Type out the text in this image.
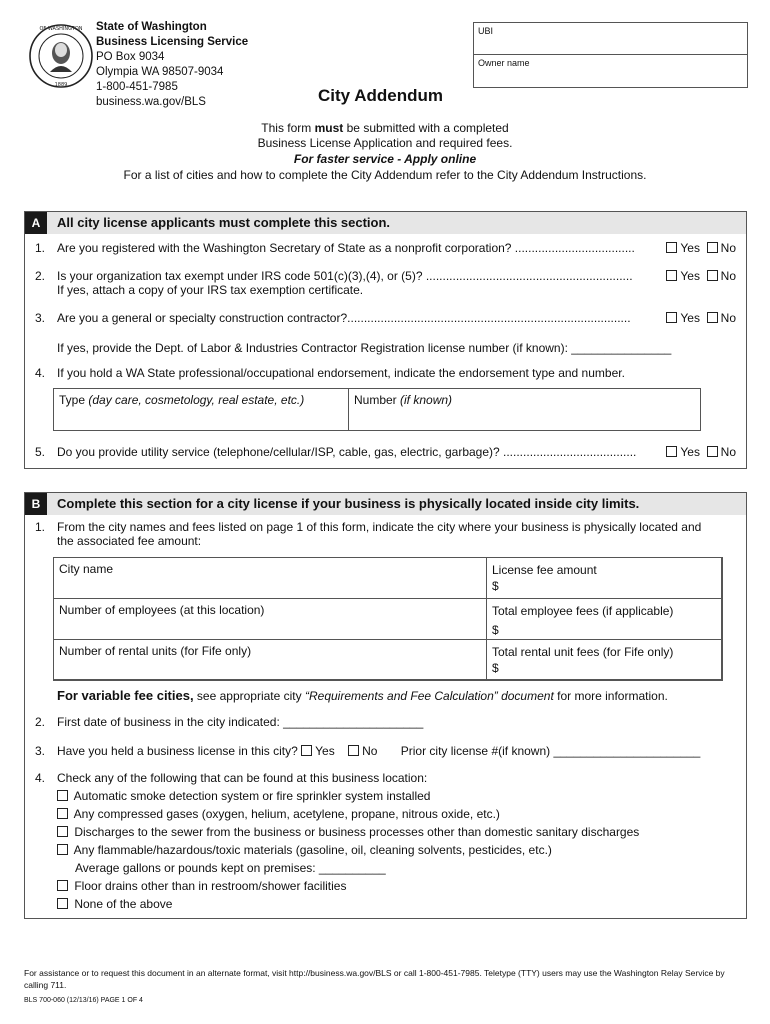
OF WASHINGTON
1889
State of Washington
Business Licensing Service
PO Box 9034
Olympia WA 98507-9034
1-800-451-7985
business.wa.gov/BLS
UBI
Owner name
City Addendum
This form must be submitted with a completed
Business License Application and required fees.
For faster service - Apply online
For a list of cities and how to complete the City Addendum refer to the City Addendum Instructions.
A	All city license applicants must complete this section.
1. Are you registered with the Washington Secretary of State as a nonprofit corporation? ....................................	Yes No
2. Is your organization tax exempt under IRS code 501(c)(3),(4), or (5)? ..............................................................	Yes No
If yes, attach a copy of your IRS tax exemption certificate.
3. Are you a general or specialty construction contractor?.....................................................................................	Yes No
If yes, provide the Dept. of Labor & Industries Contractor Registration license number (if known): _______________
4. If you hold a WA State professional/occupational endorsement, indicate the endorsement type and number.
Type (day care, cosmetology, real estate, etc.)	Number (if known)
5. Do you provide utility service (telephone/cellular/ISP, cable, gas, electric, garbage)? ........................................	Yes No
B	Complete this section for a city license if your business is physically located inside city limits.
1. From the city names and fees listed on page 1 of this form, indicate the city where your business is physically located and
the associated fee amount:
City name	License fee amount
$
Number of employees (at this location)	Total employee fees (if applicable)
$
Number of rental units (for Fife only)	Total rental unit fees (for Fife only)
$
For variable fee cities, see appropriate city “Requirements and Fee Calculation” document for more information.
2. First date of business in the city indicated: _____________________
3. Have you held a business license in this city? Yes No Prior city license #(if known) ______________________
4. Check any of the following that can be found at this business location:
Automatic smoke detection system or fire sprinkler system installed
Any compressed gases (oxygen, helium, acetylene, propane, nitrous oxide, etc.)
Discharges to the sewer from the business or business processes other than domestic sanitary discharges
Any flammable/hazardous/toxic materials (gasoline, oil, cleaning solvents, pesticides, etc.)
Average gallons or pounds kept on premises: __________
Floor drains other than in restroom/shower facilities
None of the above
For assistance or to request this document in an alternate format, visit http://business.wa.gov/BLS or call 1-800-451-7985. Teletype (TTY) users may use the Washington Relay Service by calling 711.
BLS 700-060 (12/13/16) PAGE 1 OF 4
